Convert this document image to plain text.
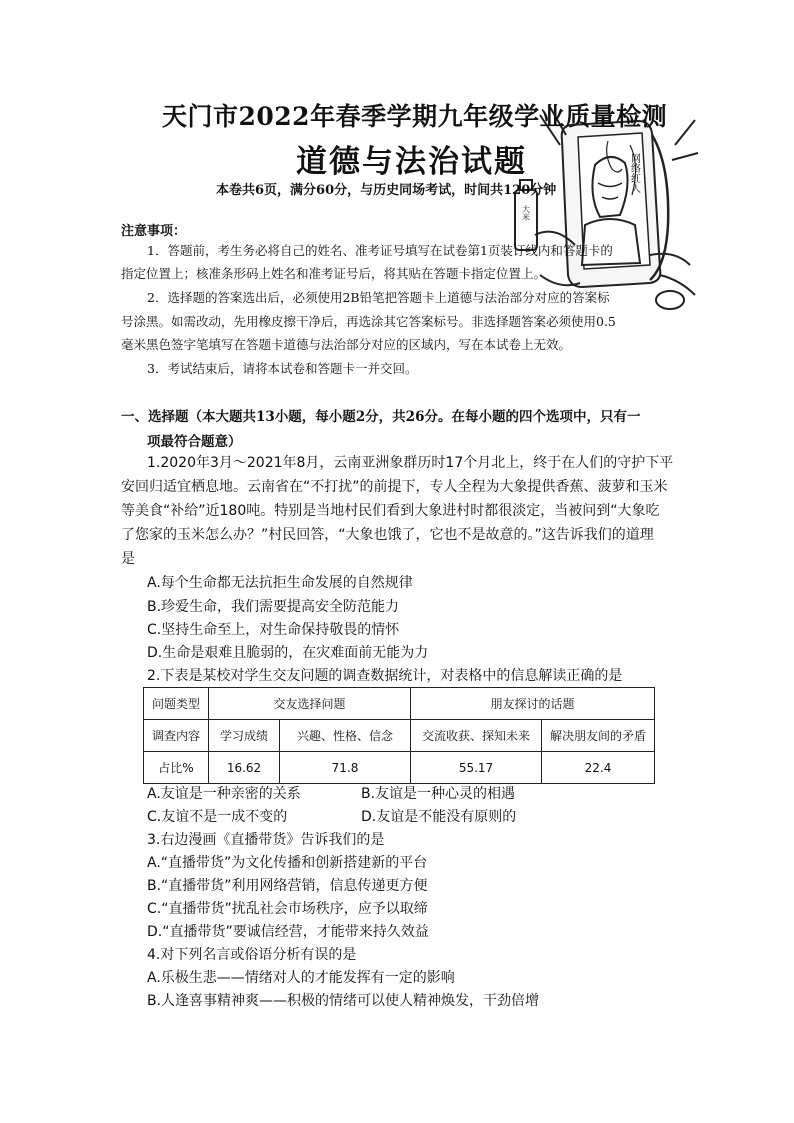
网络红人
大米
天门市2022年春季学期九年级学业质量检测
道德与法治试题
本卷共6页，满分60分，与历史同场考试，时间共120分钟
注意事项：
1．答题前，考生务必将自己的姓名、准考证号填写在试卷第1页装订线内和答题卡的
指定位置上；核准条形码上姓名和准考证号后，将其贴在答题卡指定位置上。
2．选择题的答案选出后，必须使用2B铅笔把答题卡上道德与法治部分对应的答案标
号涂黑。如需改动，先用橡皮擦干净后，再选涂其它答案标号。非选择题答案必须使用0.5
毫米黑色签字笔填写在答题卡道德与法治部分对应的区域内，写在本试卷上无效。
3．考试结束后，请将本试卷和答题卡一并交回。
一、选择题（本大题共13小题，每小题2分，共26分。在每小题的四个选项中，只有一
项最符合题意）
1.2020年3月～2021年8月，云南亚洲象群历时17个月北上，终于在人们的守护下平
安回归适宜栖息地。云南省在“不打扰”的前提下，专人全程为大象提供香蕉、菠萝和玉米
等美食“补给”近180吨。特别是当地村民们看到大象进村时都很淡定，当被问到“大象吃
了您家的玉米怎么办？”村民回答，“大象也饿了，它也不是故意的。”这告诉我们的道理
是
A.每个生命都无法抗拒生命发展的自然规律
B.珍爱生命，我们需要提高安全防范能力
C.坚持生命至上，对生命保持敬畏的情怀
D.生命是艰难且脆弱的，在灾难面前无能为力
2.下表是某校对学生交友问题的调查数据统计，对表格中的信息解读正确的是
问题类型	交友选择问题		朋友探讨的话题	
调查内容	学习成绩	兴趣、性格、信念	交流收获、探知未来	解决朋友间的矛盾
占比%	16.62	71.8	55.17	22.4
A.友谊是一种亲密的关系	B.友谊是一种心灵的相遇
C.友谊不是一成不变的	D.友谊是不能没有原则的
3.右边漫画《直播带货》告诉我们的是
A.“直播带货”为文化传播和创新搭建新的平台
B.“直播带货”利用网络营销，信息传递更方便
C.“直播带货”扰乱社会市场秩序，应予以取缔
D.“直播带货”要诚信经营，才能带来持久效益
4.对下列名言或俗语分析有误的是
A.乐极生悲——情绪对人的才能发挥有一定的影响
B.人逢喜事精神爽——积极的情绪可以使人精神焕发，干劲倍增
